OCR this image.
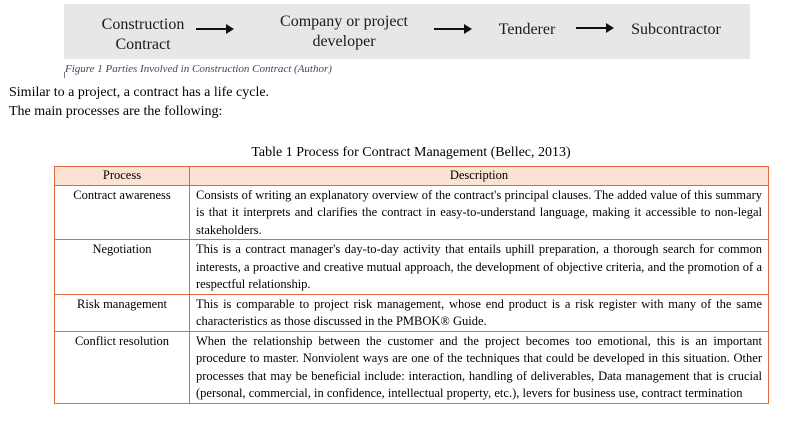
Construction
Contract
Company or project
developer
Tenderer	Subcontractor
Figure 1 Parties Involved in Construction Contract (Author)
Similar to a project, a contract has a life cycle.
The main processes are the following:
Table 1 Process for Contract Management (Bellec, 2013)
Process	Description
Contract awareness	Consists of writing an explanatory overview of the contract's principal clauses. The added value of this summary is that it interprets and clarifies the contract in easy-to-understand language, making it accessible to non-legal stakeholders.
Negotiation	This is a contract manager's day-to-day activity that entails uphill preparation, a thorough search for common interests, a proactive and creative mutual approach, the development of objective criteria, and the promotion of a respectful relationship.
Risk management	This is comparable to project risk management, whose end product is a risk register with many of the same characteristics as those discussed in the PMBOK® Guide.
Conflict resolution	When the relationship between the customer and the project becomes too emotional, this is an important procedure to master. Nonviolent ways are one of the techniques that could be developed in this situation. Other processes that may be beneficial include: interaction, handling of deliverables, Data management that is crucial (personal, commercial, in confidence, intellectual property, etc.), levers for business use, contract termination
